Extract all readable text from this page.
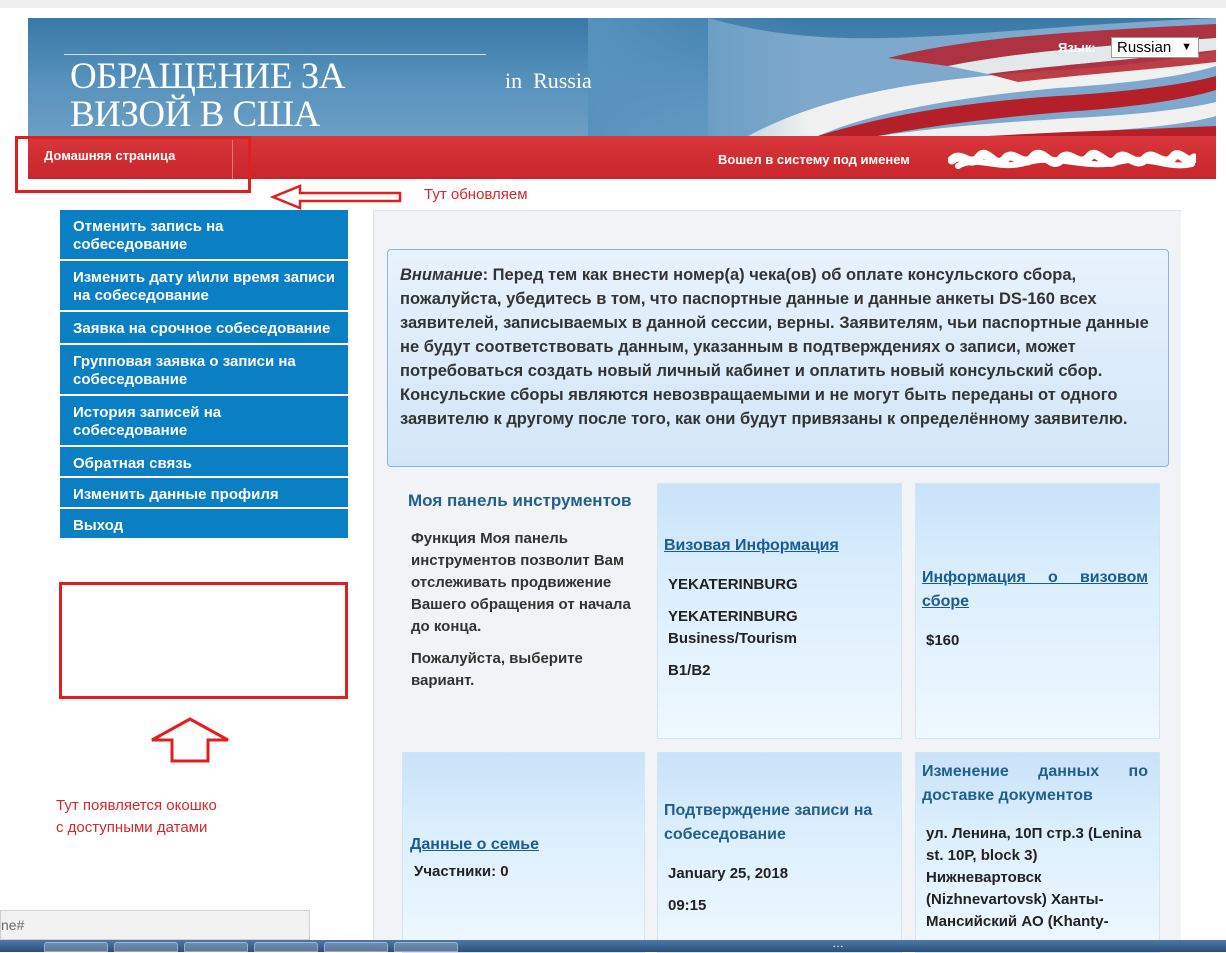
ОБРАЩЕНИЕ ЗА
ВИЗОЙ В США
in  Russia
Язык:	Russian ▼
Домашняя страница	Вошел в систему под именем
Тут обновляем
Отменить запись на собеседование
Изменить дату и\или время записи на собеседование
Заявка на срочное собеседование
Групповая заявка о записи на собеседование
История записей на собеседование
Обратная связь
Изменить данные профиля
Выход
Тут появляется окошко
с доступными датами
Внимание: Перед тем как внести номер(а) чека(ов) об оплате консульского сбора, пожалуйста, убедитесь в том, что паспортные данные и данные анкеты DS-160 всех заявителей, записываемых в данной сессии, верны. Заявителям, чьи паспортные данные не будут соответствовать данным, указанным в подтверждениях о записи, может потребоваться создать новый личный кабинет и оплатить новый консульский сбор. Консульские сборы являются невозвращаемыми и не могут быть переданы от одного заявителю к другому после того, как они будут привязаны к определённому заявителю.
Моя панель инструментов
Функция Моя панель инструментов позволит Вам отслеживать продвижение Вашего обращения от начала до конца.
Пожалуйста, выберите вариант.
Визовая Информация
YEKATERINBURG
YEKATERINBURG
Business/Tourism
B1/B2
Информация о визовом сборе
$160
Данные о семье
Участники: 0
Подтверждение записи на собеседование
January 25, 2018
09:15
Изменение данных по доставке документов
ул. Ленина, 10П стр.3 (Lenina st. 10P, block 3) Нижневартовск (Nizhnevartovsk) Ханты-Мансийский АО (Khanty-
ne#
…
